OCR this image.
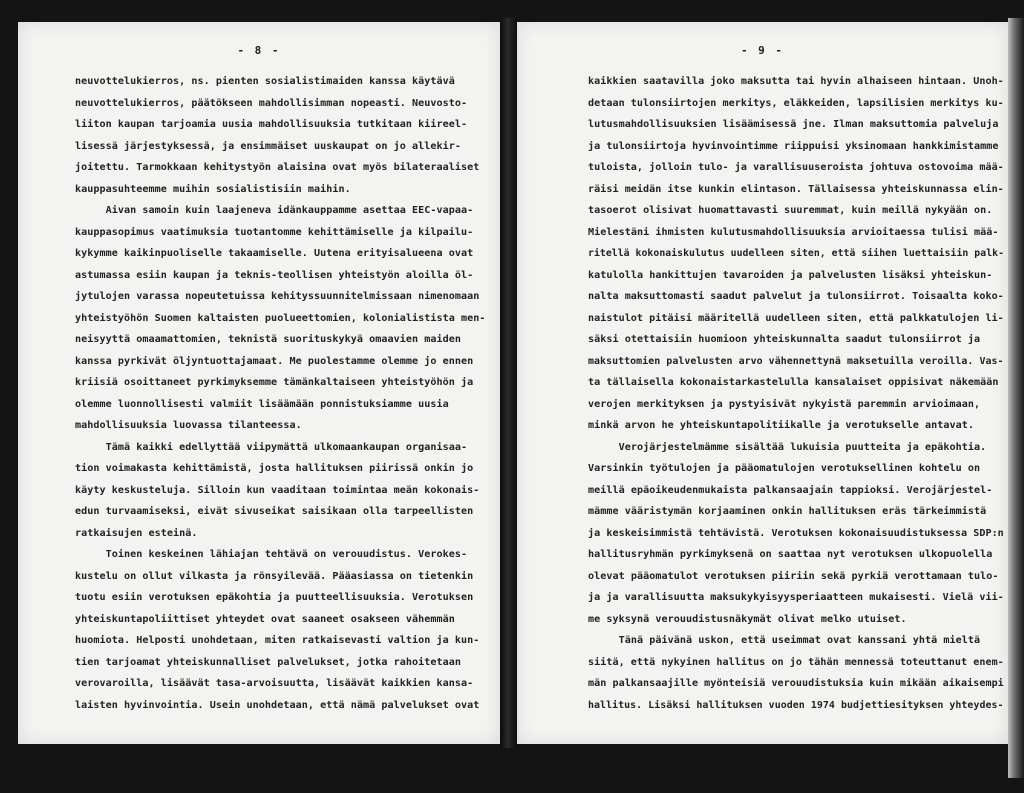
- 8 -
neuvottelukierros, ns. pienten sosialistimaiden kanssa käytävä
neuvottelukierros, päätökseen mahdollisimman nopeasti. Neuvosto-
liiton kaupan tarjoamia uusia mahdollisuuksia tutkitaan kiireel-
lisessä järjestyksessä, ja ensimmäiset uuskaupat on jo allekir-
joitettu. Tarmokkaan kehitystyön alaisina ovat myös bilateraaliset
kauppasuhteemme muihin sosialistisiin maihin.
Aivan samoin kuin laajeneva idänkauppamme asettaa EEC-vapaa-
kauppasopimus vaatimuksia tuotantomme kehittämiselle ja kilpailu-
kykymme kaikinpuoliselle takaamiselle. Uutena erityisalueena ovat
astumassa esiin kaupan ja teknis-teollisen yhteistyön aloilla öl-
jytulojen varassa nopeutetuissa kehityssuunnitelmissaan nimenomaan
yhteistyöhön Suomen kaltaisten puolueettomien, kolonialistista men-
neisyyttä omaamattomien, teknistä suorituskykyä omaavien maiden
kanssa pyrkivät öljyntuottajamaat. Me puolestamme olemme jo ennen
kriisiä osoittaneet pyrkimyksemme tämänkaltaiseen yhteistyöhön ja
olemme luonnollisesti valmiit lisäämään ponnistuksiamme uusia
mahdollisuuksia luovassa tilanteessa.
Tämä kaikki edellyttää viipymättä ulkomaankaupan organisaa-
tion voimakasta kehittämistä, josta hallituksen piirissä onkin jo
käyty keskusteluja. Silloin kun vaaditaan toimintaa meän kokonais-
edun turvaamiseksi, eivät sivuseikat saisikaan olla tarpeellisten
ratkaisujen esteinä.
Toinen keskeinen lähiajan tehtävä on verouudistus. Verokes-
kustelu on ollut vilkasta ja rönsyilevää. Pääasiassa on tietenkin
tuotu esiin verotuksen epäkohtia ja puutteellisuuksia. Verotuksen
yhteiskuntapoliittiset yhteydet ovat saaneet osakseen vähemmän
huomiota. Helposti unohdetaan, miten ratkaisevasti valtion ja kun-
tien tarjoamat yhteiskunnalliset palvelukset, jotka rahoitetaan
verovaroilla, lisäävät tasa-arvoisuutta, lisäävät kaikkien kansa-
laisten hyvinvointia. Usein unohdetaan, että nämä palvelukset ovat
- 9 -
kaikkien saatavilla joko maksutta tai hyvin alhaiseen hintaan. Unoh-
detaan tulonsiirtojen merkitys, eläkkeiden, lapsilisien merkitys ku-
lutusmahdollisuuksien lisäämisessä jne. Ilman maksuttomia palveluja
ja tulonsiirtoja hyvinvointimme riippuisi yksinomaan hankkimistamme
tuloista, jolloin tulo- ja varallisuuseroista johtuva ostovoima mää-
räisi meidän itse kunkin elintason. Tällaisessa yhteiskunnassa elin-
tasoerot olisivat huomattavasti suuremmat, kuin meillä nykyään on.
Mielestäni ihmisten kulutusmahdollisuuksia arvioitaessa tulisi mää-
ritellä kokonaiskulutus uudelleen siten, että siihen luettaisiin palk-
katulolla hankittujen tavaroiden ja palvelusten lisäksi yhteiskun-
nalta maksuttomasti saadut palvelut ja tulonsiirrot. Toisaalta koko-
naistulot pitäisi määritellä uudelleen siten, että palkkatulojen li-
säksi otettaisiin huomioon yhteiskunnalta saadut tulonsiirrot ja
maksuttomien palvelusten arvo vähennettynä maksetuilla veroilla. Vas-
ta tällaisella kokonaistarkastelulla kansalaiset oppisivat näkemään
verojen merkityksen ja pystyisivät nykyistä paremmin arvioimaan,
minkä arvon he yhteiskuntapolitiikalle ja verotukselle antavat.
Verojärjestelmämme sisältää lukuisia puutteita ja epäkohtia.
Varsinkin työtulojen ja pääomatulojen verotuksellinen kohtelu on
meillä epäoikeudenmukaista palkansaajain tappioksi. Verojärjestel-
mämme vääristymän korjaaminen onkin hallituksen eräs tärkeimmistä
ja keskeisimmistä tehtävistä. Verotuksen kokonaisuudistuksessa SDP:n
hallitusryhmän pyrkimyksenä on saattaa nyt verotuksen ulkopuolella
olevat pääomatulot verotuksen piiriin sekä pyrkiä verottamaan tulo-
ja ja varallisuutta maksukykyisyysperiaatteen mukaisesti. Vielä vii-
me syksynä verouudistusnäkymät olivat melko utuiset.
Tänä päivänä uskon, että useimmat ovat kanssani yhtä mieltä
siitä, että nykyinen hallitus on jo tähän mennessä toteuttanut enem-
män palkansaajille myönteisiä verouudistuksia kuin mikään aikaisempi
hallitus. Lisäksi hallituksen vuoden 1974 budjettiesityksen yhteydes-
